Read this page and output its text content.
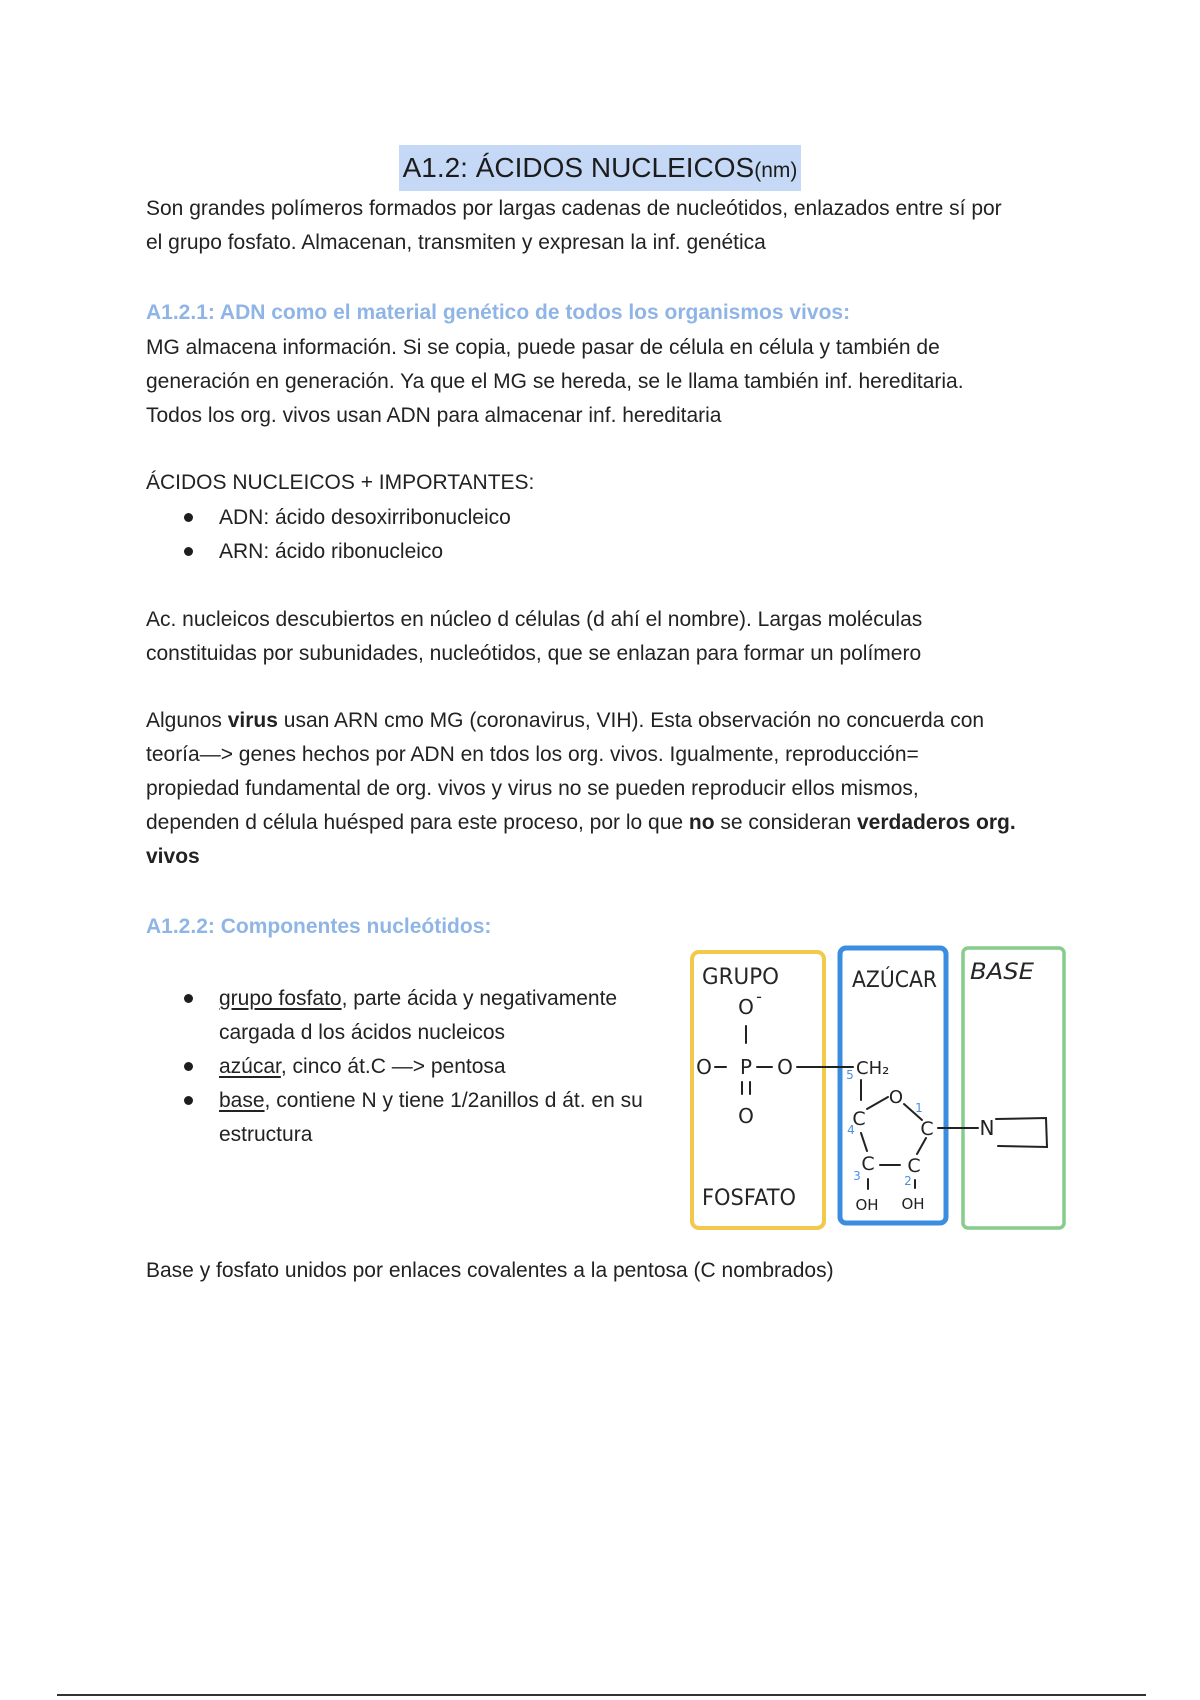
A1.2: ÁCIDOS NUCLEICOS(nm)
Son grandes polímeros formados por largas cadenas de nucleótidos, enlazados entre sí por
el grupo fosfato. Almacenan, transmiten y expresan la inf. genética
A1.2.1: ADN como el material genético de todos los organismos vivos:
MG almacena información. Si se copia, puede pasar de célula en célula y también de
generación en generación. Ya que el MG se hereda, se le llama también inf. hereditaria.
Todos los org. vivos usan ADN para almacenar inf. hereditaria
ÁCIDOS NUCLEICOS + IMPORTANTES:
ADN: ácido desoxirribonucleico
ARN: ácido ribonucleico
Ac. nucleicos descubiertos en núcleo d células (d ahí el nombre). Largas moléculas
constituidas por subunidades, nucleótidos, que se enlazan para formar un polímero
Algunos virus usan ARN cmo MG (coronavirus, VIH). Esta observación no concuerda con
teoría—> genes hechos por ADN en tdos los org. vivos. Igualmente, reproducción=
propiedad fundamental de org. vivos y virus no se pueden reproducir ellos mismos,
dependen d célula huésped para este proceso, por lo que no se consideran verdaderos org.
vivos
A1.2.2: Componentes nucleótidos:
grupo fosfato, parte ácida y negativamente
cargada d los ácidos nucleicos
azúcar, cinco át.C —> pentosa
base, contiene N y tiene 1/2anillos d át. en su
estructura
GRUPO
FOSFATO
AZÚCAR BASE
O -
O P O
O
CH₂
C
O
C
C C
OH OH
5
4
3	2
1
N
Base y fosfato unidos por enlaces covalentes a la pentosa (C nombrados)
